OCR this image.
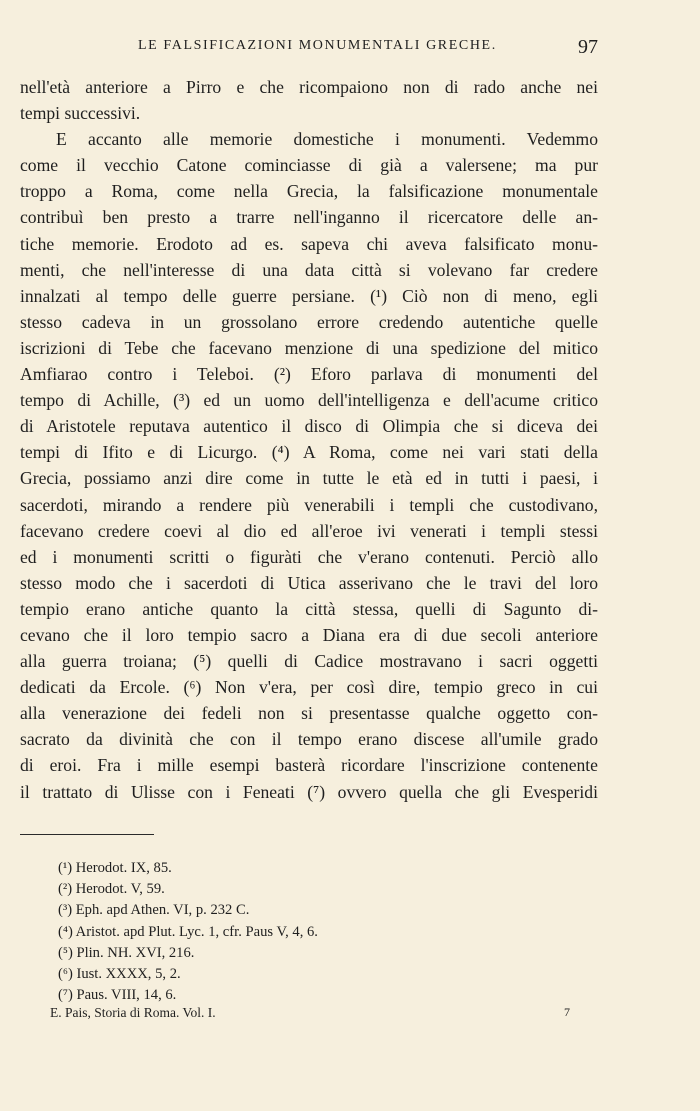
LE FALSIFICAZIONI MONUMENTALI GRECHE.	97
nell'età anteriore a Pirro e che ricompaiono non di rado anche nei
tempi successivi.
E accanto alle memorie domestiche i monumenti. Vedemmo
come il vecchio Catone cominciasse di già a valersene; ma pur
troppo a Roma, come nella Grecia, la falsificazione monumentale
contribuì ben presto a trarre nell'inganno il ricercatore delle an-
tiche memorie. Erodoto ad es. sapeva chi aveva falsificato monu-
menti, che nell'interesse di una data città si volevano far credere
innalzati al tempo delle guerre persiane. (¹) Ciò non di meno, egli
stesso cadeva in un grossolano errore credendo autentiche quelle
iscrizioni di Tebe che facevano menzione di una spedizione del mitico
Amfiarao contro i Teleboi. (²) Eforo parlava di monumenti del
tempo di Achille, (³) ed un uomo dell'intelligenza e dell'acume critico
di Aristotele reputava autentico il disco di Olimpia che si diceva dei
tempi di Ifito e di Licurgo. (⁴) A Roma, come nei vari stati della
Grecia, possiamo anzi dire come in tutte le età ed in tutti i paesi, i
sacerdoti, mirando a rendere più venerabili i templi che custodivano,
facevano credere coevi al dio ed all'eroe ivi venerati i templi stessi
ed i monumenti scritti o figuràti che v'erano contenuti. Perciò allo
stesso modo che i sacerdoti di Utica asserivano che le travi del loro
tempio erano antiche quanto la città stessa, quelli di Sagunto di-
cevano che il loro tempio sacro a Diana era di due secoli anteriore
alla guerra troiana; (⁵) quelli di Cadice mostravano i sacri oggetti
dedicati da Ercole. (⁶) Non v'era, per così dire, tempio greco in cui
alla venerazione dei fedeli non si presentasse qualche oggetto con-
sacrato da divinità che con il tempo erano discese all'umile grado
di eroi. Fra i mille esempi basterà ricordare l'inscrizione contenente
il trattato di Ulisse con i Feneati (⁷) ovvero quella che gli Evesperidi
(¹) Herodot. IX, 85.
(²) Herodot. V, 59.
(³) Eph. apd Athen. VI, p. 232 C.
(⁴) Aristot. apd Plut. Lyc. 1, cfr. Paus V, 4, 6.
(⁵) Plin. NH. XVI, 216.
(⁶) Iust. XXXX, 5, 2.
(⁷) Paus. VIII, 14, 6.
E. Pais, Storia di Roma. Vol. I.	7
